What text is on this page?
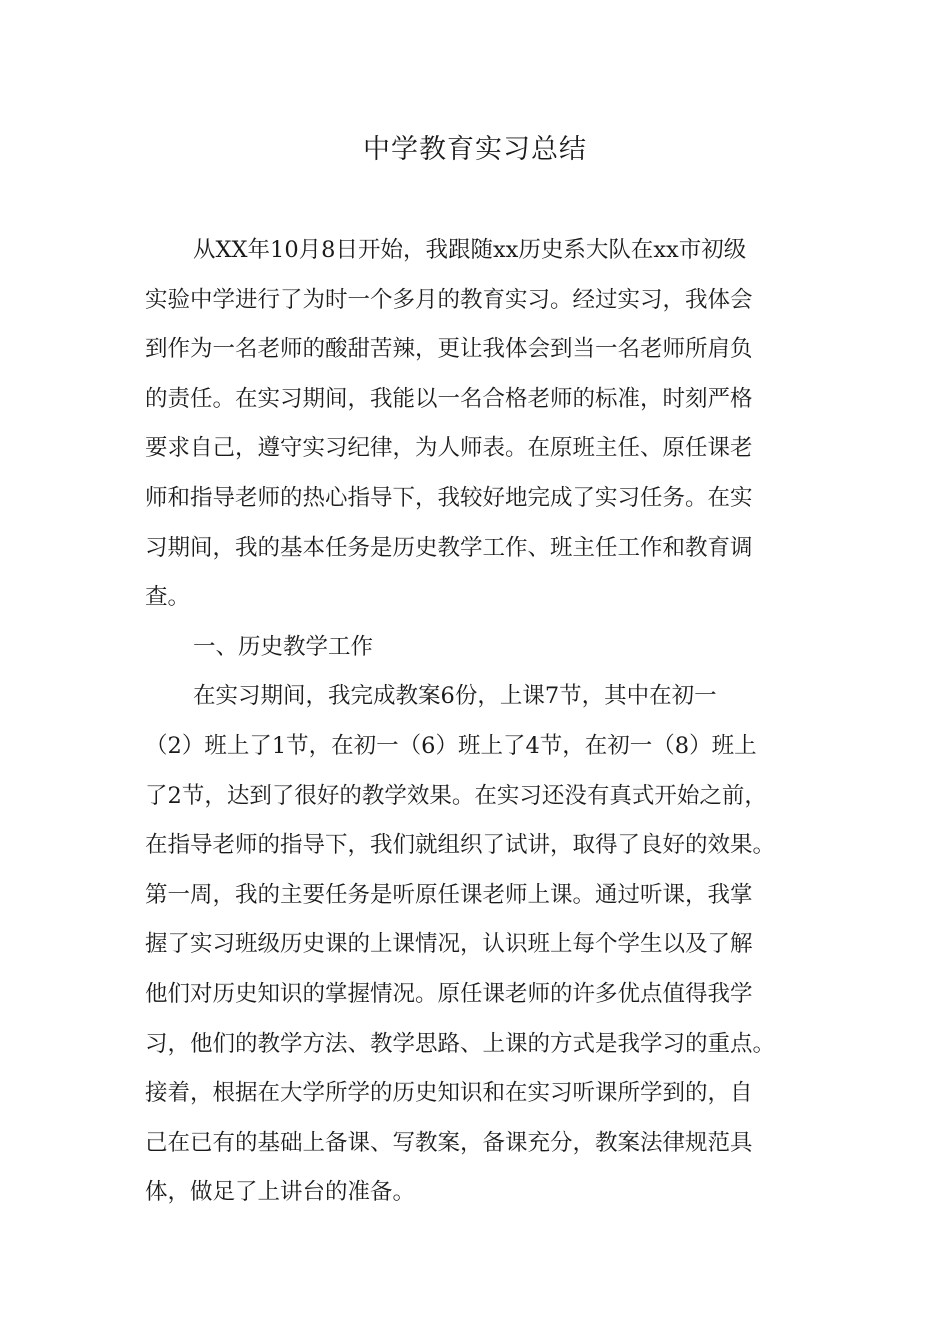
中学教育实习总结
从XX年10月8日开始，我跟随xx历史系大队在xx市初级
实验中学进行了为时一个多月的教育实习。经过实习，我体会
到作为一名老师的酸甜苦辣，更让我体会到当一名老师所肩负
的责任。在实习期间，我能以一名合格老师的标准，时刻严格
要求自己，遵守实习纪律，为人师表。在原班主任、原任课老
师和指导老师的热心指导下，我较好地完成了实习任务。在实
习期间，我的基本任务是历史教学工作、班主任工作和教育调
查。
一、历史教学工作
在实习期间，我完成教案6份，上课7节，其中在初一
（2）班上了1节，在初一（6）班上了4节，在初一（8）班上
了2节，达到了很好的教学效果。在实习还没有真式开始之前，
在指导老师的指导下，我们就组织了试讲，取得了良好的效果。
第一周，我的主要任务是听原任课老师上课。通过听课，我掌
握了实习班级历史课的上课情况，认识班上每个学生以及了解
他们对历史知识的掌握情况。原任课老师的许多优点值得我学
习，他们的教学方法、教学思路、上课的方式是我学习的重点。
接着，根据在大学所学的历史知识和在实习听课所学到的，自
己在已有的基础上备课、写教案，备课充分，教案法律规范具
体，做足了上讲台的准备。
